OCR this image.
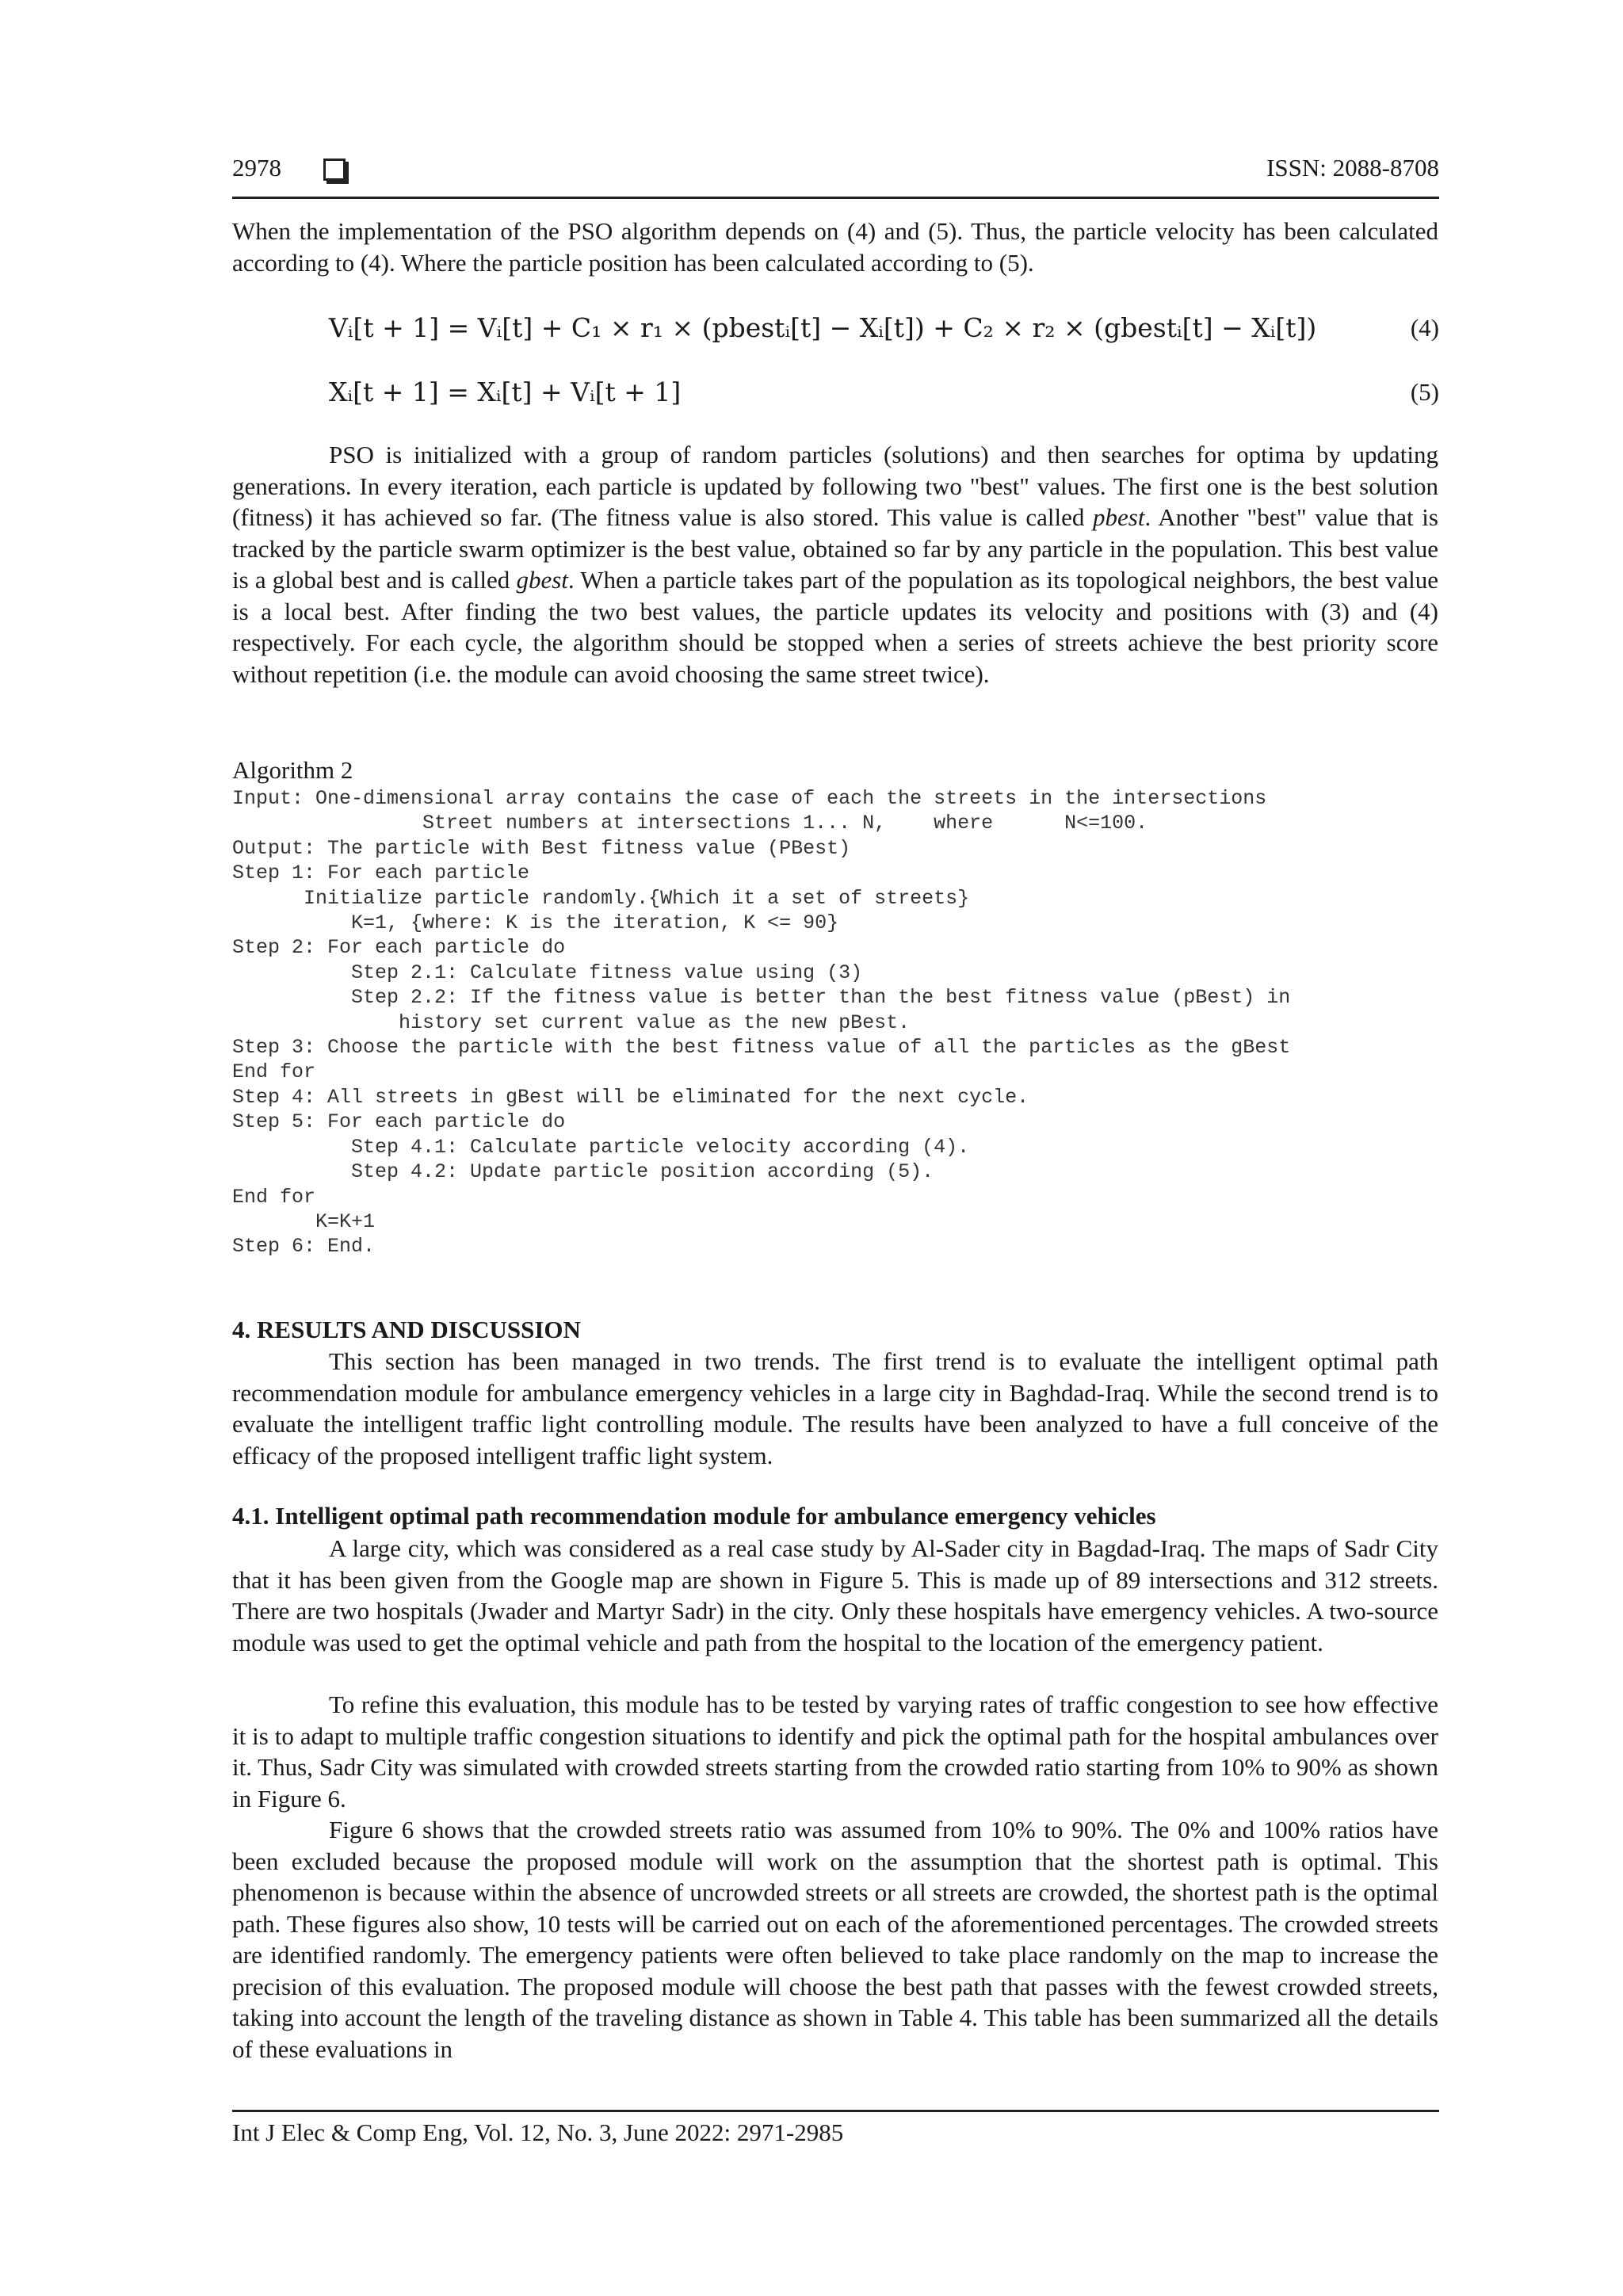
2978	ISSN: 2088-8708

When the implementation of the PSO algorithm depends on (4) and (5). Thus, the particle velocity has been calculated according to (4). Where the particle position has been calculated according to (5).

Vᵢ[t + 1] = Vᵢ[t] + C₁ × r₁ × (pbestᵢ[t] − Xᵢ[t]) + C₂ × r₂ × (gbestᵢ[t] − Xᵢ[t])	(4)
Xᵢ[t + 1] = Xᵢ[t] + Vᵢ[t + 1]	(5)

PSO is initialized with a group of random particles (solutions) and then searches for optima by updating generations. In every iteration, each particle is updated by following two "best" values. The first one is the best solution (fitness) it has achieved so far. (The fitness value is also stored. This value is called pbest. Another "best" value that is tracked by the particle swarm optimizer is the best value, obtained so far by any particle in the population. This best value is a global best and is called gbest. When a particle takes part of the population as its topological neighbors, the best value is a local best. After finding the two best values, the particle updates its velocity and positions with (3) and (4) respectively. For each cycle, the algorithm should be stopped when a series of streets achieve the best priority score without repetition (i.e. the module can avoid choosing the same street twice).

Algorithm 2
Input: One-dimensional array contains the case of each the streets in the intersections
Street numbers at intersections 1... N,    where      N<=100.
Output: The particle with Best fitness value (PBest)
Step 1: For each particle
Initialize particle randomly.{Which it a set of streets}
K=1, {where: K is the iteration, K <= 90}
Step 2: For each particle do
Step 2.1: Calculate fitness value using (3)
Step 2.2: If the fitness value is better than the best fitness value (pBest) in
history set current value as the new pBest.
Step 3: Choose the particle with the best fitness value of all the particles as the gBest
End for
Step 4: All streets in gBest will be eliminated for the next cycle.
Step 5: For each particle do
Step 4.1: Calculate particle velocity according (4).
Step 4.2: Update particle position according (5).
End for
K=K+1
Step 6: End.

4. RESULTS AND DISCUSSION

This section has been managed in two trends. The first trend is to evaluate the intelligent optimal path recommendation module for ambulance emergency vehicles in a large city in Baghdad-Iraq. While the second trend is to evaluate the intelligent traffic light controlling module. The results have been analyzed to have a full conceive of the efficacy of the proposed intelligent traffic light system.

4.1. Intelligent optimal path recommendation module for ambulance emergency vehicles

A large city, which was considered as a real case study by Al-Sader city in Bagdad-Iraq. The maps of Sadr City that it has been given from the Google map are shown in Figure 5. This is made up of 89 intersections and 312 streets. There are two hospitals (Jwader and Martyr Sadr) in the city. Only these hospitals have emergency vehicles. A two-source module was used to get the optimal vehicle and path from the hospital to the location of the emergency patient.

To refine this evaluation, this module has to be tested by varying rates of traffic congestion to see how effective it is to adapt to multiple traffic congestion situations to identify and pick the optimal path for the hospital ambulances over it. Thus, Sadr City was simulated with crowded streets starting from the crowded ratio starting from 10% to 90% as shown in Figure 6.

Figure 6 shows that the crowded streets ratio was assumed from 10% to 90%. The 0% and 100% ratios have been excluded because the proposed module will work on the assumption that the shortest path is optimal. This phenomenon is because within the absence of uncrowded streets or all streets are crowded, the shortest path is the optimal path. These figures also show, 10 tests will be carried out on each of the aforementioned percentages. The crowded streets are identified randomly. The emergency patients were often believed to take place randomly on the map to increase the precision of this evaluation. The proposed module will choose the best path that passes with the fewest crowded streets, taking into account the length of the traveling distance as shown in Table 4. This table has been summarized all the details of these evaluations in

Int J Elec & Comp Eng, Vol. 12, No. 3, June 2022: 2971-2985
